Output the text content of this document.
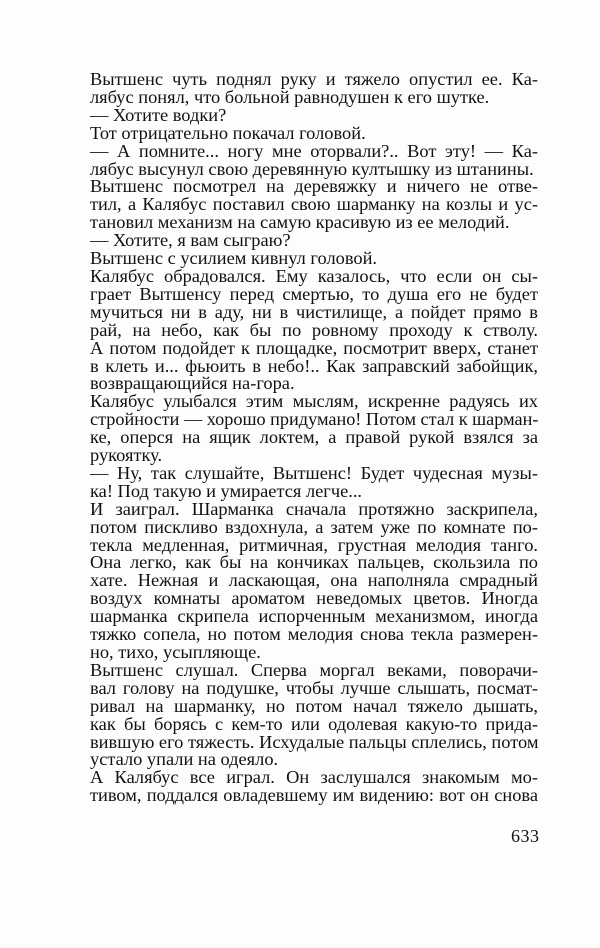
Вытшенс чуть поднял руку и тяжело опустил ее. Ка-
лябус понял, что больной равнодушен к его шутке.
— Хотите водки?
Тот отрицательно покачал головой.
— А помните... ногу мне оторвали?.. Вот эту! — Ка-
лябус высунул свою деревянную култышку из штанины.
Вытшенс посмотрел на деревяжку и ничего не отве-
тил, а Калябус поставил свою шарманку на козлы и ус-
тановил механизм на самую красивую из ее мелодий.
— Хотите, я вам сыграю?
Вытшенс с усилием кивнул головой.
Калябус обрадовался. Ему казалось, что если он сы-
грает Вытшенсу перед смертью, то душа его не будет
мучиться ни в аду, ни в чистилище, а пойдет прямо в
рай, на небо, как бы по ровному проходу к стволу.
А потом подойдет к площадке, посмотрит вверх, станет
в клеть и... фьюить в небо!.. Как заправский забойщик,
возвращающийся на-гора.
Калябус улыбался этим мыслям, искренне радуясь их
стройности — хорошо придумано! Потом стал к шарман-
ке, оперся на ящик локтем, а правой рукой взялся за
рукоятку.
— Ну, так слушайте, Вытшенс! Будет чудесная музы-
ка! Под такую и умирается легче...
И заиграл. Шарманка сначала протяжно заскрипела,
потом пискливо вздохнула, а затем уже по комнате по-
текла медленная, ритмичная, грустная мелодия танго.
Она легко, как бы на кончиках пальцев, скользила по
хате. Нежная и ласкающая, она наполняла смрадный
воздух комнаты ароматом неведомых цветов. Иногда
шарманка скрипела испорченным механизмом, иногда
тяжко сопела, но потом мелодия снова текла размерен-
но, тихо, усыпляюще.
Вытшенс слушал. Сперва моргал веками, поворачи-
вал голову на подушке, чтобы лучше слышать, посмат-
ривал на шарманку, но потом начал тяжело дышать,
как бы борясь с кем-то или одолевая какую-то прида-
вившую его тяжесть. Исхудалые пальцы сплелись, потом
устало упали на одеяло.
А Калябус все играл. Он заслушался знакомым мо-
тивом, поддался овладевшему им видению: вот он снова
633
